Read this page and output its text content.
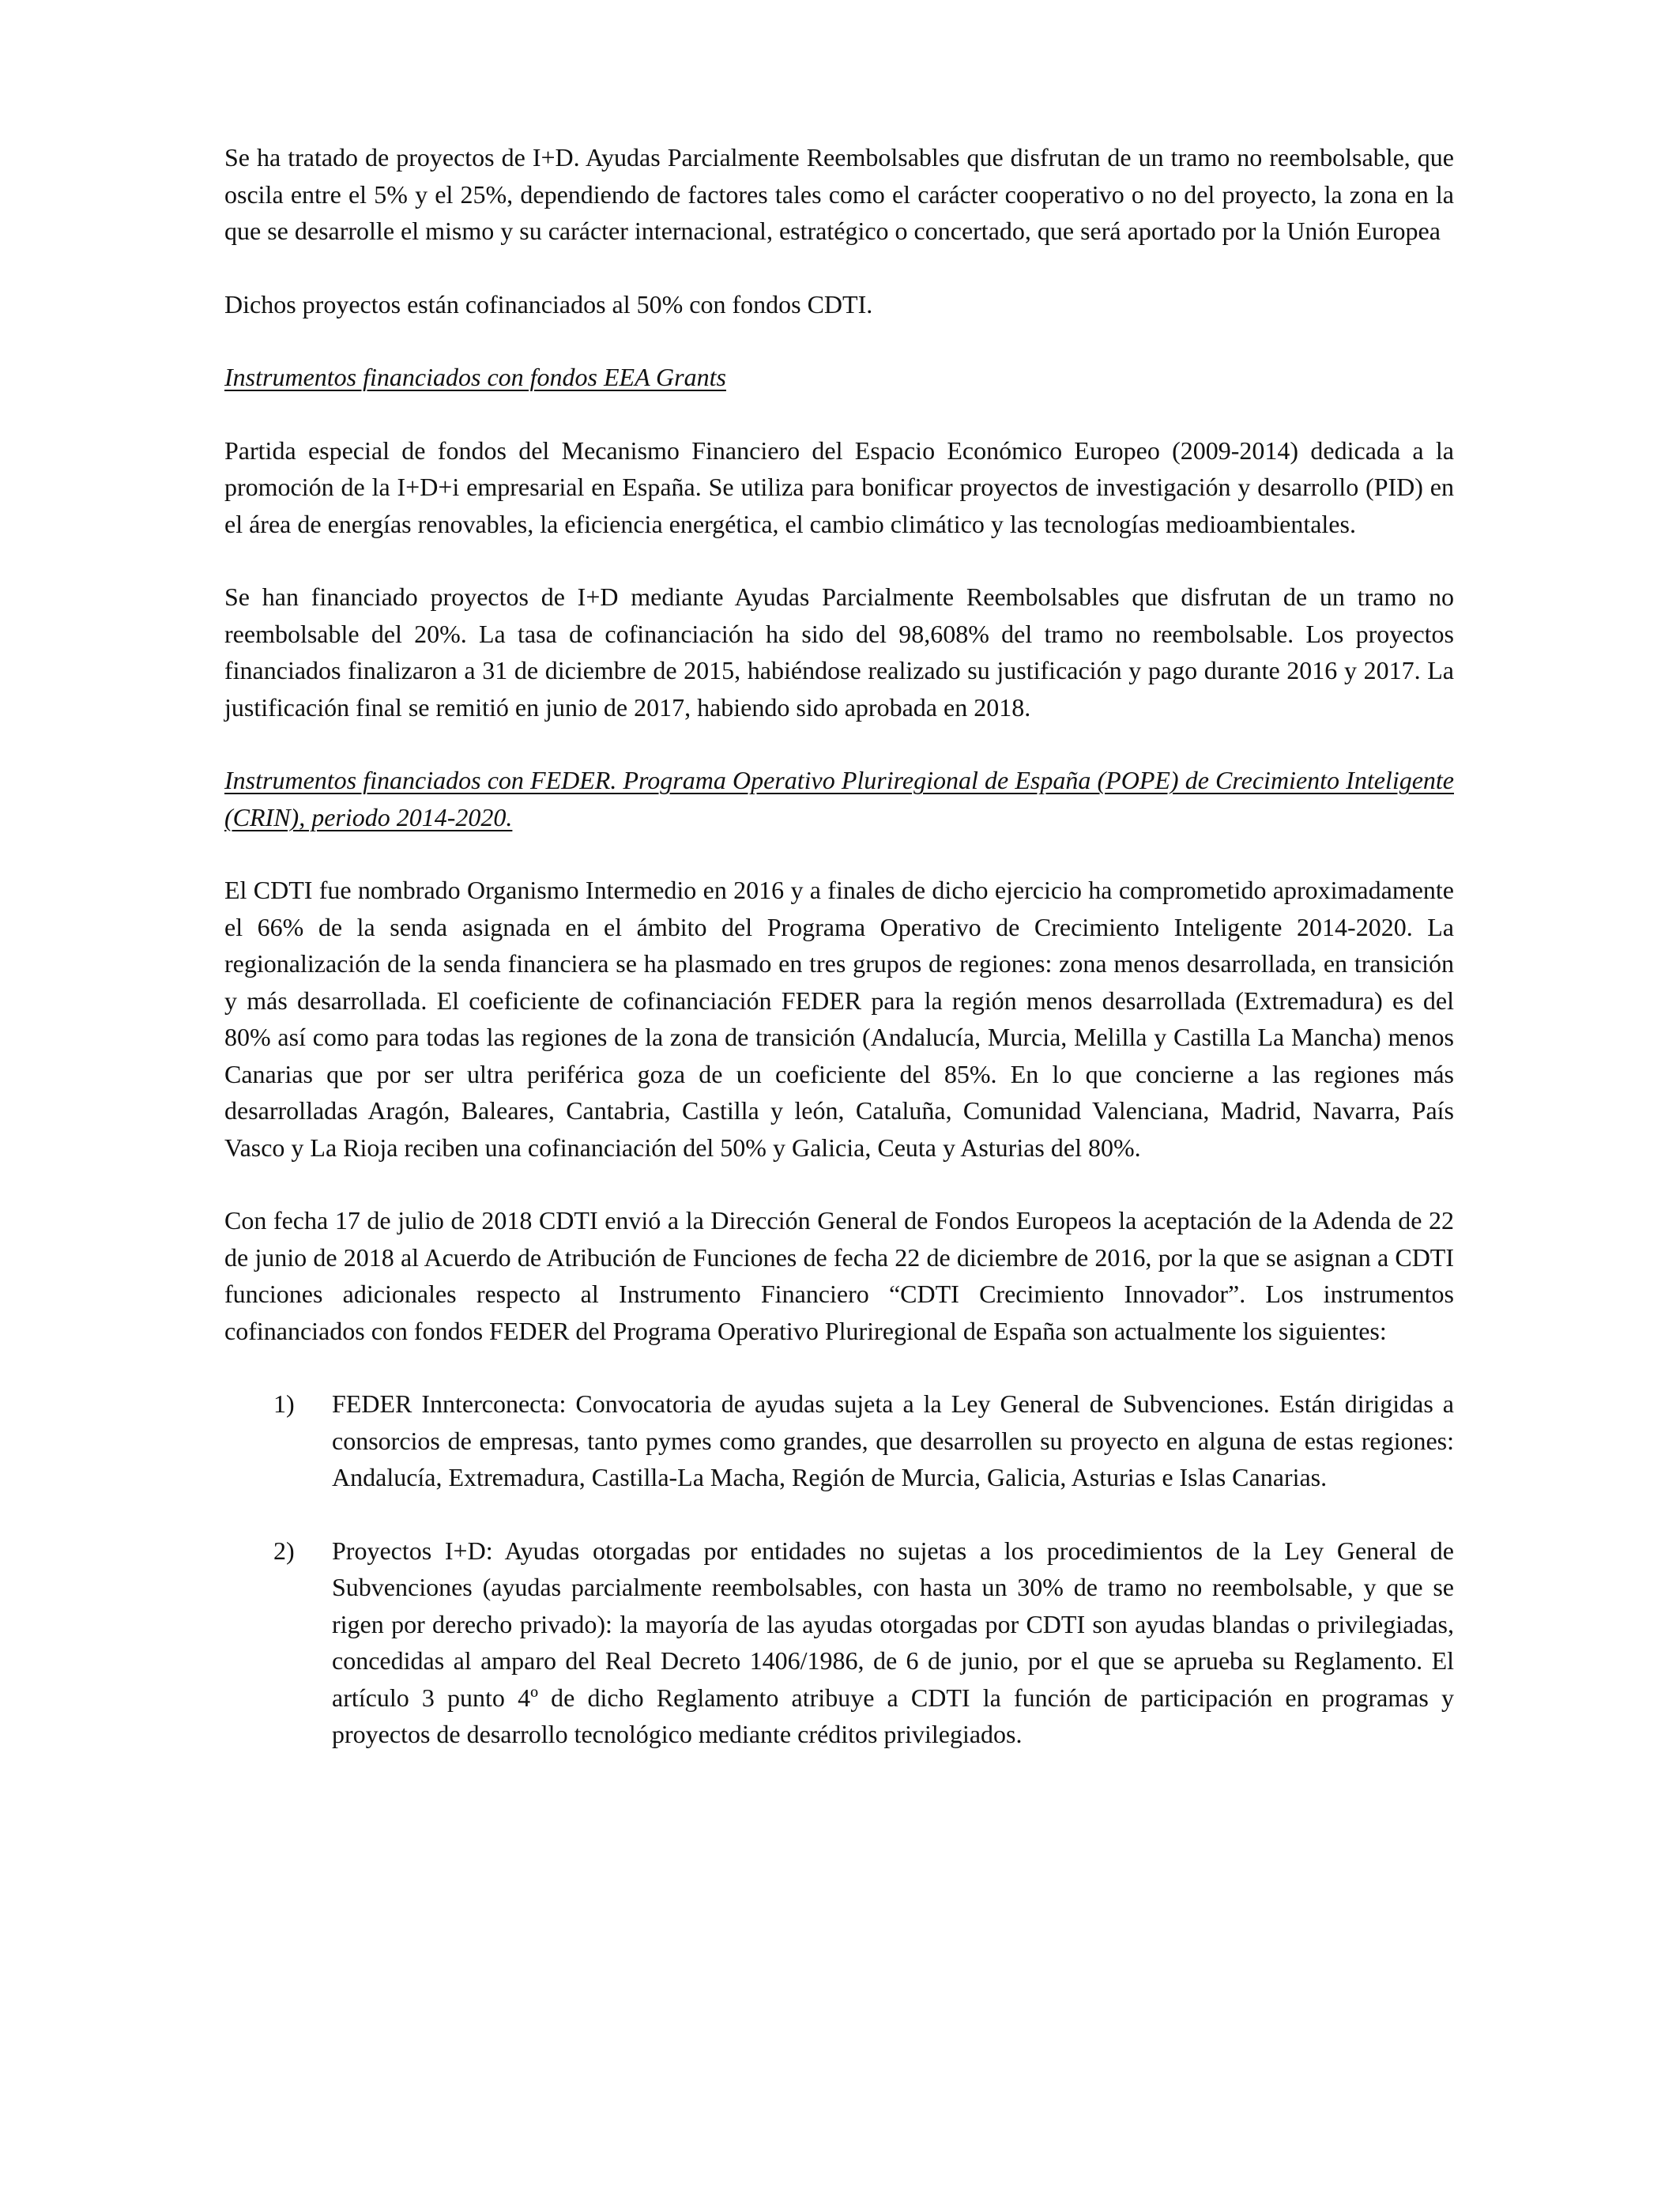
Se ha tratado de proyectos de I+D. Ayudas Parcialmente Reembolsables que disfrutan de un tramo no reembolsable, que oscila entre el 5% y el 25%, dependiendo de factores tales como el carácter cooperativo o no del proyecto, la zona en la que se desarrolle el mismo y su carácter internacional, estratégico o concertado, que será aportado por la Unión Europea

Dichos proyectos están cofinanciados al 50% con fondos CDTI.

Instrumentos financiados con fondos EEA Grants

Partida especial de fondos del Mecanismo Financiero del Espacio Económico Europeo (2009-2014) dedicada a la promoción de la I+D+i empresarial en España. Se utiliza para bonificar proyectos de investigación y desarrollo (PID) en el área de energías renovables, la eficiencia energética, el cambio climático y las tecnologías medioambientales.

Se han financiado proyectos de I+D mediante Ayudas Parcialmente Reembolsables que disfrutan de un tramo no reembolsable del 20%. La tasa de cofinanciación ha sido del 98,608% del tramo no reembolsable. Los proyectos financiados finalizaron a 31 de diciembre de 2015, habiéndose realizado su justificación y pago durante 2016 y 2017. La justificación final se remitió en junio de 2017, habiendo sido aprobada en 2018.

Instrumentos financiados con FEDER. Programa Operativo Pluriregional de España (POPE) de Crecimiento Inteligente (CRIN), periodo 2014-2020.

El CDTI fue nombrado Organismo Intermedio en 2016 y a finales de dicho ejercicio ha comprometido aproximadamente el 66% de la senda asignada en el ámbito del Programa Operativo de Crecimiento Inteligente 2014-2020. La regionalización de la senda financiera se ha plasmado en tres grupos de regiones: zona menos desarrollada, en transición y más desarrollada. El coeficiente de cofinanciación FEDER para la región menos desarrollada (Extremadura) es del 80% así como para todas las regiones de la zona de transición (Andalucía, Murcia, Melilla y Castilla La Mancha) menos Canarias que por ser ultra periférica goza de un coeficiente del 85%. En lo que concierne a las regiones más desarrolladas Aragón, Baleares, Cantabria, Castilla y león, Cataluña, Comunidad Valenciana, Madrid, Navarra, País Vasco y La Rioja reciben una cofinanciación del 50% y Galicia, Ceuta y Asturias del 80%.

Con fecha 17 de julio de 2018 CDTI envió a la Dirección General de Fondos Europeos la aceptación de la Adenda de 22 de junio de 2018 al Acuerdo de Atribución de Funciones de fecha 22 de diciembre de 2016, por la que se asignan a CDTI funciones adicionales respecto al Instrumento Financiero “CDTI Crecimiento Innovador”. Los instrumentos cofinanciados con fondos FEDER del Programa Operativo Pluriregional de España son actualmente los siguientes:

1) FEDER Innterconecta: Convocatoria de ayudas sujeta a la Ley General de Subvenciones. Están dirigidas a consorcios de empresas, tanto pymes como grandes, que desarrollen su proyecto en alguna de estas regiones: Andalucía, Extremadura, Castilla-La Macha, Región de Murcia, Galicia, Asturias e Islas Canarias.
2) Proyectos I+D: Ayudas otorgadas por entidades no sujetas a los procedimientos de la Ley General de Subvenciones (ayudas parcialmente reembolsables, con hasta un 30% de tramo no reembolsable, y que se rigen por derecho privado): la mayoría de las ayudas otorgadas por CDTI son ayudas blandas o privilegiadas, concedidas al amparo del Real Decreto 1406/1986, de 6 de junio, por el que se aprueba su Reglamento. El artículo 3 punto 4º de dicho Reglamento atribuye a CDTI la función de participación en programas y proyectos de desarrollo tecnológico mediante créditos privilegiados.
